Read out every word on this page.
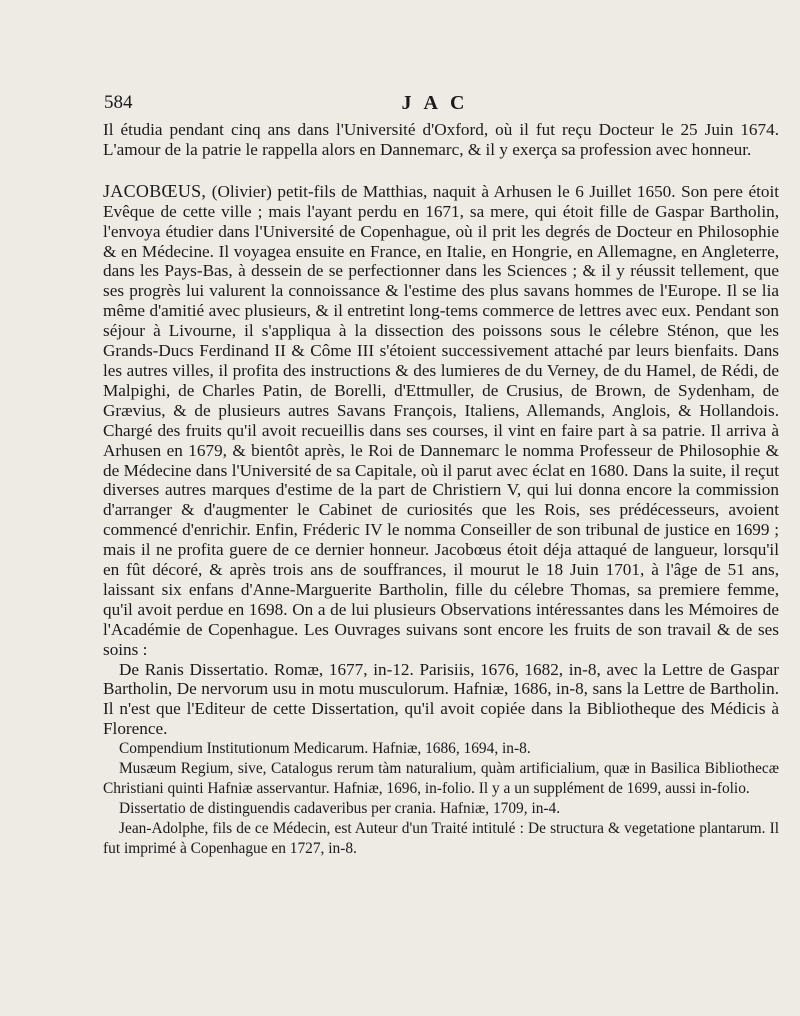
584	JAC

Il étudia pendant cinq ans dans l'Université d'Oxford, où il fut reçu Docteur le 25 Juin 1674. L'amour de la patrie le rappella alors en Dannemarc, & il y exerça sa profession avec honneur.

JACOBŒUS, (Olivier) petit-fils de Matthias, naquit à Arhusen le 6 Juillet 1650. Son pere étoit Evêque de cette ville ; mais l'ayant perdu en 1671, sa mere, qui étoit fille de Gaspar Bartholin, l'envoya étudier dans l'Université de Copenhague, où il prit les degrés de Docteur en Philosophie & en Médecine. Il voyagea ensuite en France, en Italie, en Hongrie, en Allemagne, en Angleterre, dans les Pays-Bas, à dessein de se perfectionner dans les Sciences ; & il y réussit tellement, que ses progrès lui valurent la connoissance & l'estime des plus savans hommes de l'Europe. Il se lia même d'amitié avec plusieurs, & il entretint long-tems commerce de lettres avec eux. Pendant son séjour à Livourne, il s'appliqua à la dissection des poissons sous le célebre Sténon, que les Grands-Ducs Ferdinand II & Côme III s'étoient successivement attaché par leurs bienfaits. Dans les autres villes, il profita des instructions & des lumieres de du Verney, de du Hamel, de Rédi, de Malpighi, de Charles Patin, de Borelli, d'Ettmuller, de Crusius, de Brown, de Sydenham, de Grævius, & de plusieurs autres Savans François, Italiens, Allemands, Anglois, & Hollandois. Chargé des fruits qu'il avoit recueillis dans ses courses, il vint en faire part à sa patrie. Il arriva à Arhusen en 1679, & bientôt après, le Roi de Dannemarc le nomma Professeur de Philosophie & de Médecine dans l'Université de sa Capitale, où il parut avec éclat en 1680. Dans la suite, il reçut diverses autres marques d'estime de la part de Christiern V, qui lui donna encore la commission d'arranger & d'augmenter le Cabinet de curiosités que les Rois, ses prédécesseurs, avoient commencé d'enrichir. Enfin, Fréderic IV le nomma Conseiller de son tribunal de justice en 1699 ; mais il ne profita guere de ce dernier honneur. Jacobœus étoit déja attaqué de langueur, lorsqu'il en fût décoré, & après trois ans de souffrances, il mourut le 18 Juin 1701, à l'âge de 51 ans, laissant six enfans d'Anne-Marguerite Bartholin, fille du célebre Thomas, sa premiere femme, qu'il avoit perdue en 1698. On a de lui plusieurs Observations intéressantes dans les Mémoires de l'Académie de Copenhague. Les Ouvrages suivans sont encore les fruits de son travail & de ses soins :

De Ranis Dissertatio. Romæ, 1677, in-12. Parisiis, 1676, 1682, in-8, avec la Lettre de Gaspar Bartholin, De nervorum usu in motu musculorum. Hafniæ, 1686, in-8, sans la Lettre de Bartholin. Il n'est que l'Editeur de cette Dissertation, qu'il avoit copiée dans la Bibliotheque des Médicis à Florence.

Compendium Institutionum Medicarum. Hafniæ, 1686, 1694, in-8.

Musæum Regium, sive, Catalogus rerum tàm naturalium, quàm artificialium, quæ in Basilica Bibliothecæ Christiani quinti Hafniæ asservantur. Hafniæ, 1696, in-folio. Il y a un supplément de 1699, aussi in-folio.

Dissertatio de distinguendis cadaveribus per crania. Hafniæ, 1709, in-4.

Jean-Adolphe, fils de ce Médecin, est Auteur d'un Traité intitulé : De structura & vegetatione plantarum. Il fut imprimé à Copenhague en 1727, in-8.
